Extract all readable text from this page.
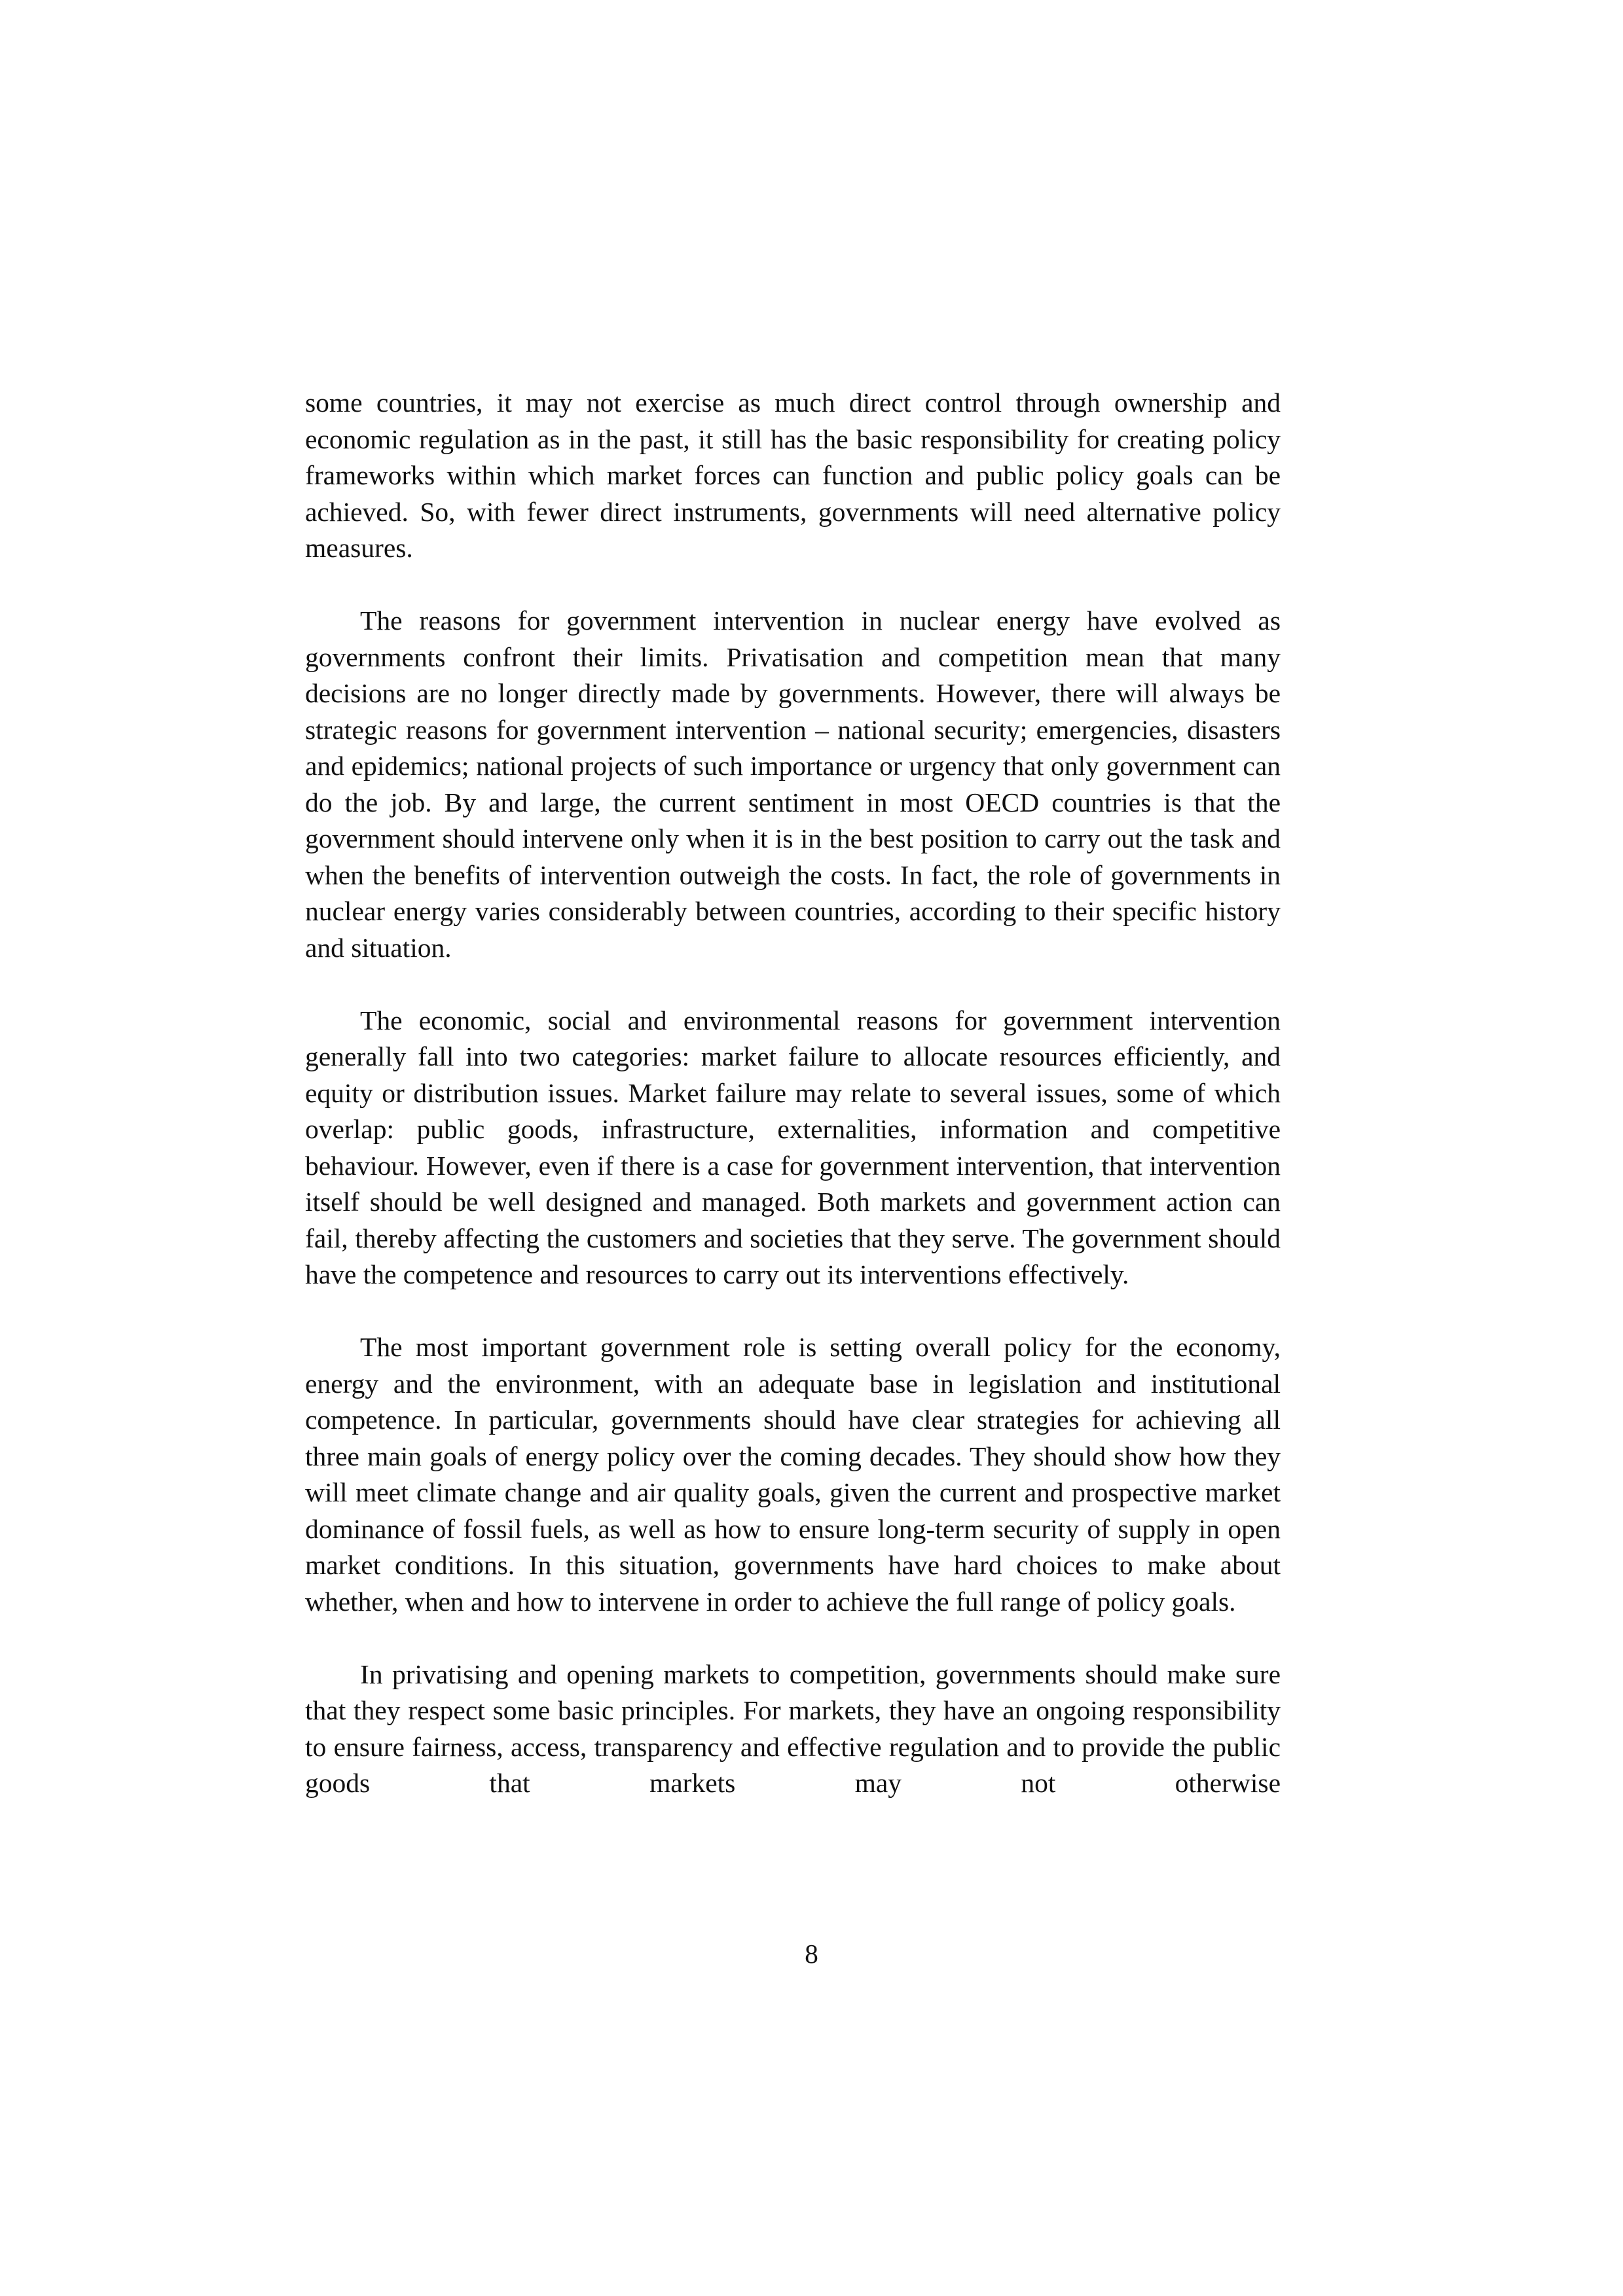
some countries, it may not exercise as much direct control through ownership and economic regulation as in the past, it still has the basic responsibility for creating policy frameworks within which market forces can function and public policy goals can be achieved. So, with fewer direct instruments, governments will need alternative policy measures.

The reasons for government intervention in nuclear energy have evolved as governments confront their limits. Privatisation and competition mean that many decisions are no longer directly made by governments. However, there will always be strategic reasons for government intervention – national security; emergencies, disasters and epidemics; national projects of such importance or urgency that only government can do the job. By and large, the current sentiment in most OECD countries is that the government should intervene only when it is in the best position to carry out the task and when the benefits of intervention outweigh the costs. In fact, the role of governments in nuclear energy varies considerably between countries, according to their specific history and situation.

The economic, social and environmental reasons for government intervention generally fall into two categories: market failure to allocate resources efficiently, and equity or distribution issues. Market failure may relate to several issues, some of which overlap: public goods, infrastructure, externalities, information and competitive behaviour. However, even if there is a case for government intervention, that intervention itself should be well designed and managed. Both markets and government action can fail, thereby affecting the customers and societies that they serve. The government should have the competence and resources to carry out its interventions effectively.

The most important government role is setting overall policy for the economy, energy and the environment, with an adequate base in legislation and institutional competence. In particular, governments should have clear strategies for achieving all three main goals of energy policy over the coming decades. They should show how they will meet climate change and air quality goals, given the current and prospective market dominance of fossil fuels, as well as how to ensure long-term security of supply in open market conditions. In this situation, governments have hard choices to make about whether, when and how to intervene in order to achieve the full range of policy goals.

In privatising and opening markets to competition, governments should make sure that they respect some basic principles. For markets, they have an ongoing responsibility to ensure fairness, access, transparency and effective regulation and to provide the public goods that markets may not otherwise

8
